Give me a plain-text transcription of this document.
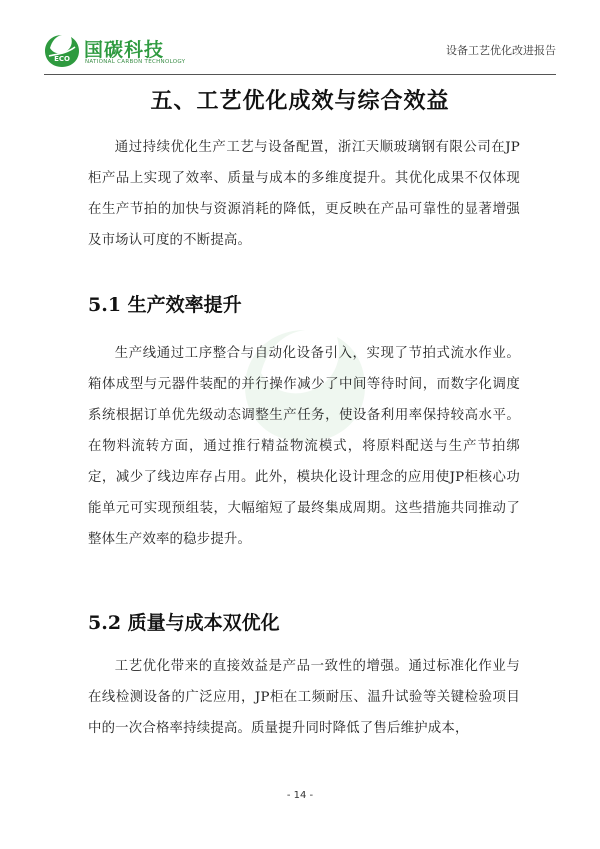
ECO 国碳科技
NATIONAL CARBON TECHNOLOGY
设备工艺优化改进报告
五、工艺优化成效与综合效益

通过持续优化生产工艺与设备配置，浙江天顺玻璃钢有限公司在JP柜产品上实现了效率、质量与成本的多维度提升。其优化成果不仅体现在生产节拍的加快与资源消耗的降低，更反映在产品可靠性的显著增强及市场认可度的不断提高。

5.1 生产效率提升

生产线通过工序整合与自动化设备引入，实现了节拍式流水作业。箱体成型与元器件装配的并行操作减少了中间等待时间，而数字化调度系统根据订单优先级动态调整生产任务，使设备利用率保持较高水平。在物料流转方面，通过推行精益物流模式，将原料配送与生产节拍绑定，减少了线边库存占用。此外，模块化设计理念的应用使JP柜核心功能单元可实现预组装，大幅缩短了最终集成周期。这些措施共同推动了整体生产效率的稳步提升。

5.2 质量与成本双优化

工艺优化带来的直接效益是产品一致性的增强。通过标准化作业与在线检测设备的广泛应用，JP柜在工频耐压、温升试验等关键检验项目中的一次合格率持续提高。质量提升同时降低了售后维护成本，

- 14 -
